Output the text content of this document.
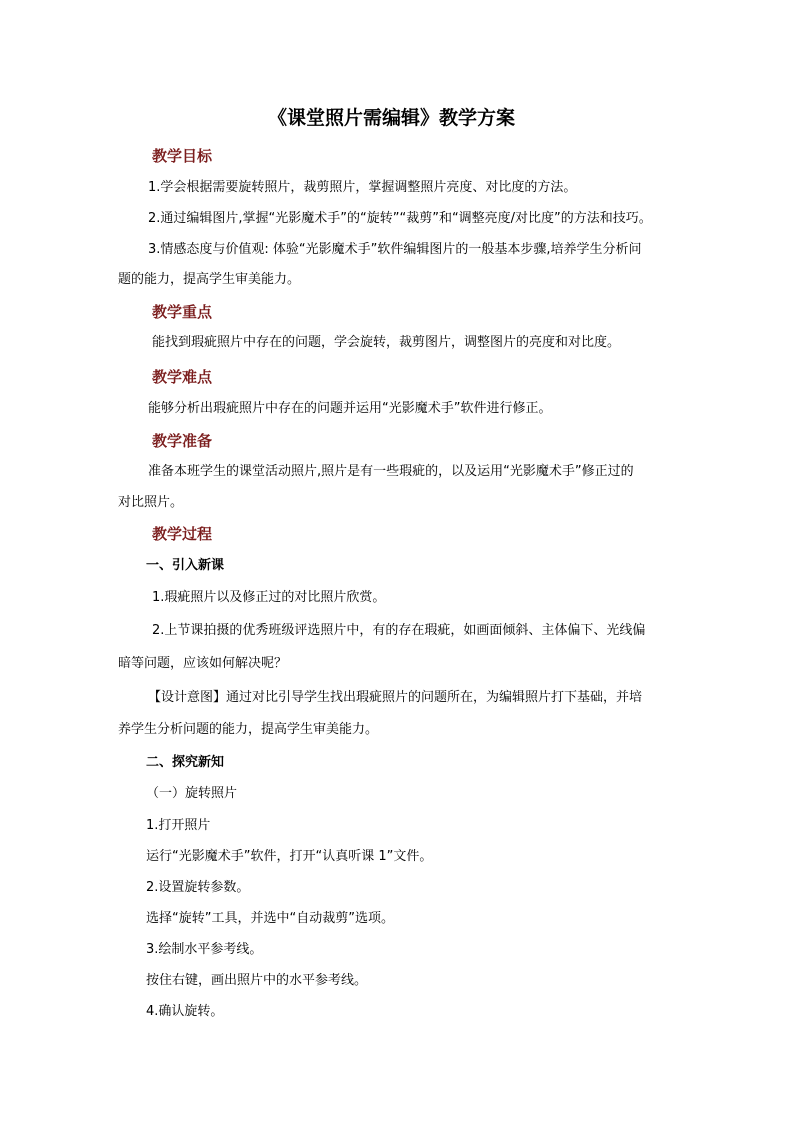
《课堂照片需编辑》教学方案
教学目标
1.学会根据需要旋转照片，裁剪照片，掌握调整照片亮度、对比度的方法。
2.通过编辑图片,掌握“光影魔术手”的“旋转”“裁剪”和“调整亮度/对比度”的方法和技巧。
3.情感态度与价值观: 体验“光影魔术手”软件编辑图片的一般基本步骤,培养学生分析问
题的能力，提高学生审美能力。
教学重点
能找到瑕疵照片中存在的问题，学会旋转，裁剪图片，调整图片的亮度和对比度。
教学难点
能够分析出瑕疵照片中存在的问题并运用“光影魔术手”软件进行修正。
教学准备
准备本班学生的课堂活动照片,照片是有一些瑕疵的，以及运用“光影魔术手”修正过的
对比照片。
教学过程
一、引入新课
1.瑕疵照片以及修正过的对比照片欣赏。
2.上节课拍摄的优秀班级评选照片中，有的存在瑕疵，如画面倾斜、主体偏下、光线偏
暗等问题，应该如何解决呢？
【设计意图】通过对比引导学生找出瑕疵照片的问题所在，为编辑照片打下基础，并培
养学生分析问题的能力，提高学生审美能力。
二、探究新知
（一）旋转照片
1.打开照片
运行“光影魔术手”软件，打开“认真听课 1”文件。
2.设置旋转参数。
选择“旋转”工具，并选中“自动裁剪”选项。
3.绘制水平参考线。
按住右键，画出照片中的水平参考线。
4.确认旋转。
